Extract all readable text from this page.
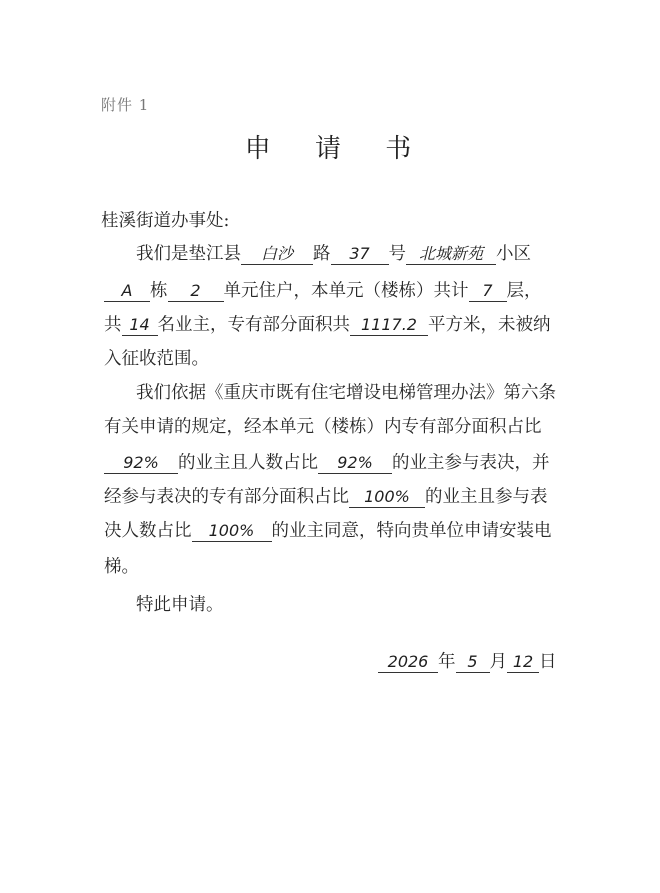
附件 1
申 请 书
桂溪街道办事处:
我们是垫江县 白沙 路 37 号 北城新苑 小区
A 栋 2 单元住户，本单元（楼栋）共计 7 层，
共 14 名业主，专有部分面积共 1117.2 平方米，未被纳
入征收范围。
我们依据《重庆市既有住宅增设电梯管理办法》第六条
有关申请的规定，经本单元（楼栋）内专有部分面积占比
92% 的业主且人数占比 92% 的业主参与表决，并
经参与表决的专有部分面积占比 100% 的业主且参与表
决人数占比 100% 的业主同意，特向贵单位申请安装电
梯。
特此申请。
2026 年 5 月 12 日
